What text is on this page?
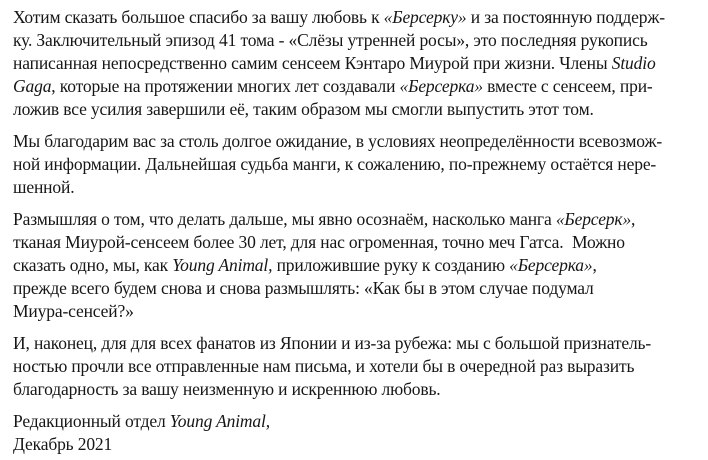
Хотим сказать большое спасибо за вашу любовь к «Берсерку» и за постоянную поддерж-
ку. Заключительный эпизод 41 тома - «Слёзы утренней росы», это последняя рукопись
написанная непосредственно самим сенсеем Кэнтаро Миурой при жизни. Члены Studio
Gaga, которые на протяжении многих лет создавали «Берсерка» вместе с сенсеем, при-
ложив все усилия завершили её, таким образом мы смогли выпустить этот том.

Мы благодарим вас за столь долгое ожидание, в условиях неопределённости всевозмож-
ной информации. Дальнейшая судьба манги, к сожалению, по-прежнему остаётся нере-
шенной.

Размышляя о том, что делать дальше, мы явно осознаём, насколько манга «Берсерк»,
тканая Миурой-сенсеем более 30 лет, для нас огроменная, точно меч Гатса.  Можно
сказать одно, мы, как Young Animal, приложившие руку к созданию «Берсерка»,
прежде всего будем снова и снова размышлять: «Как бы в этом случае подумал
Миура-сенсей?»

И, наконец, для для всех фанатов из Японии и из-за рубежа: мы с большой признатель-
ностью прочли все отправленные нам письма, и хотели бы в очередной раз выразить
благодарность за вашу неизменную и искреннюю любовь.

Редакционный отдел Young Animal,
Декабрь 2021
